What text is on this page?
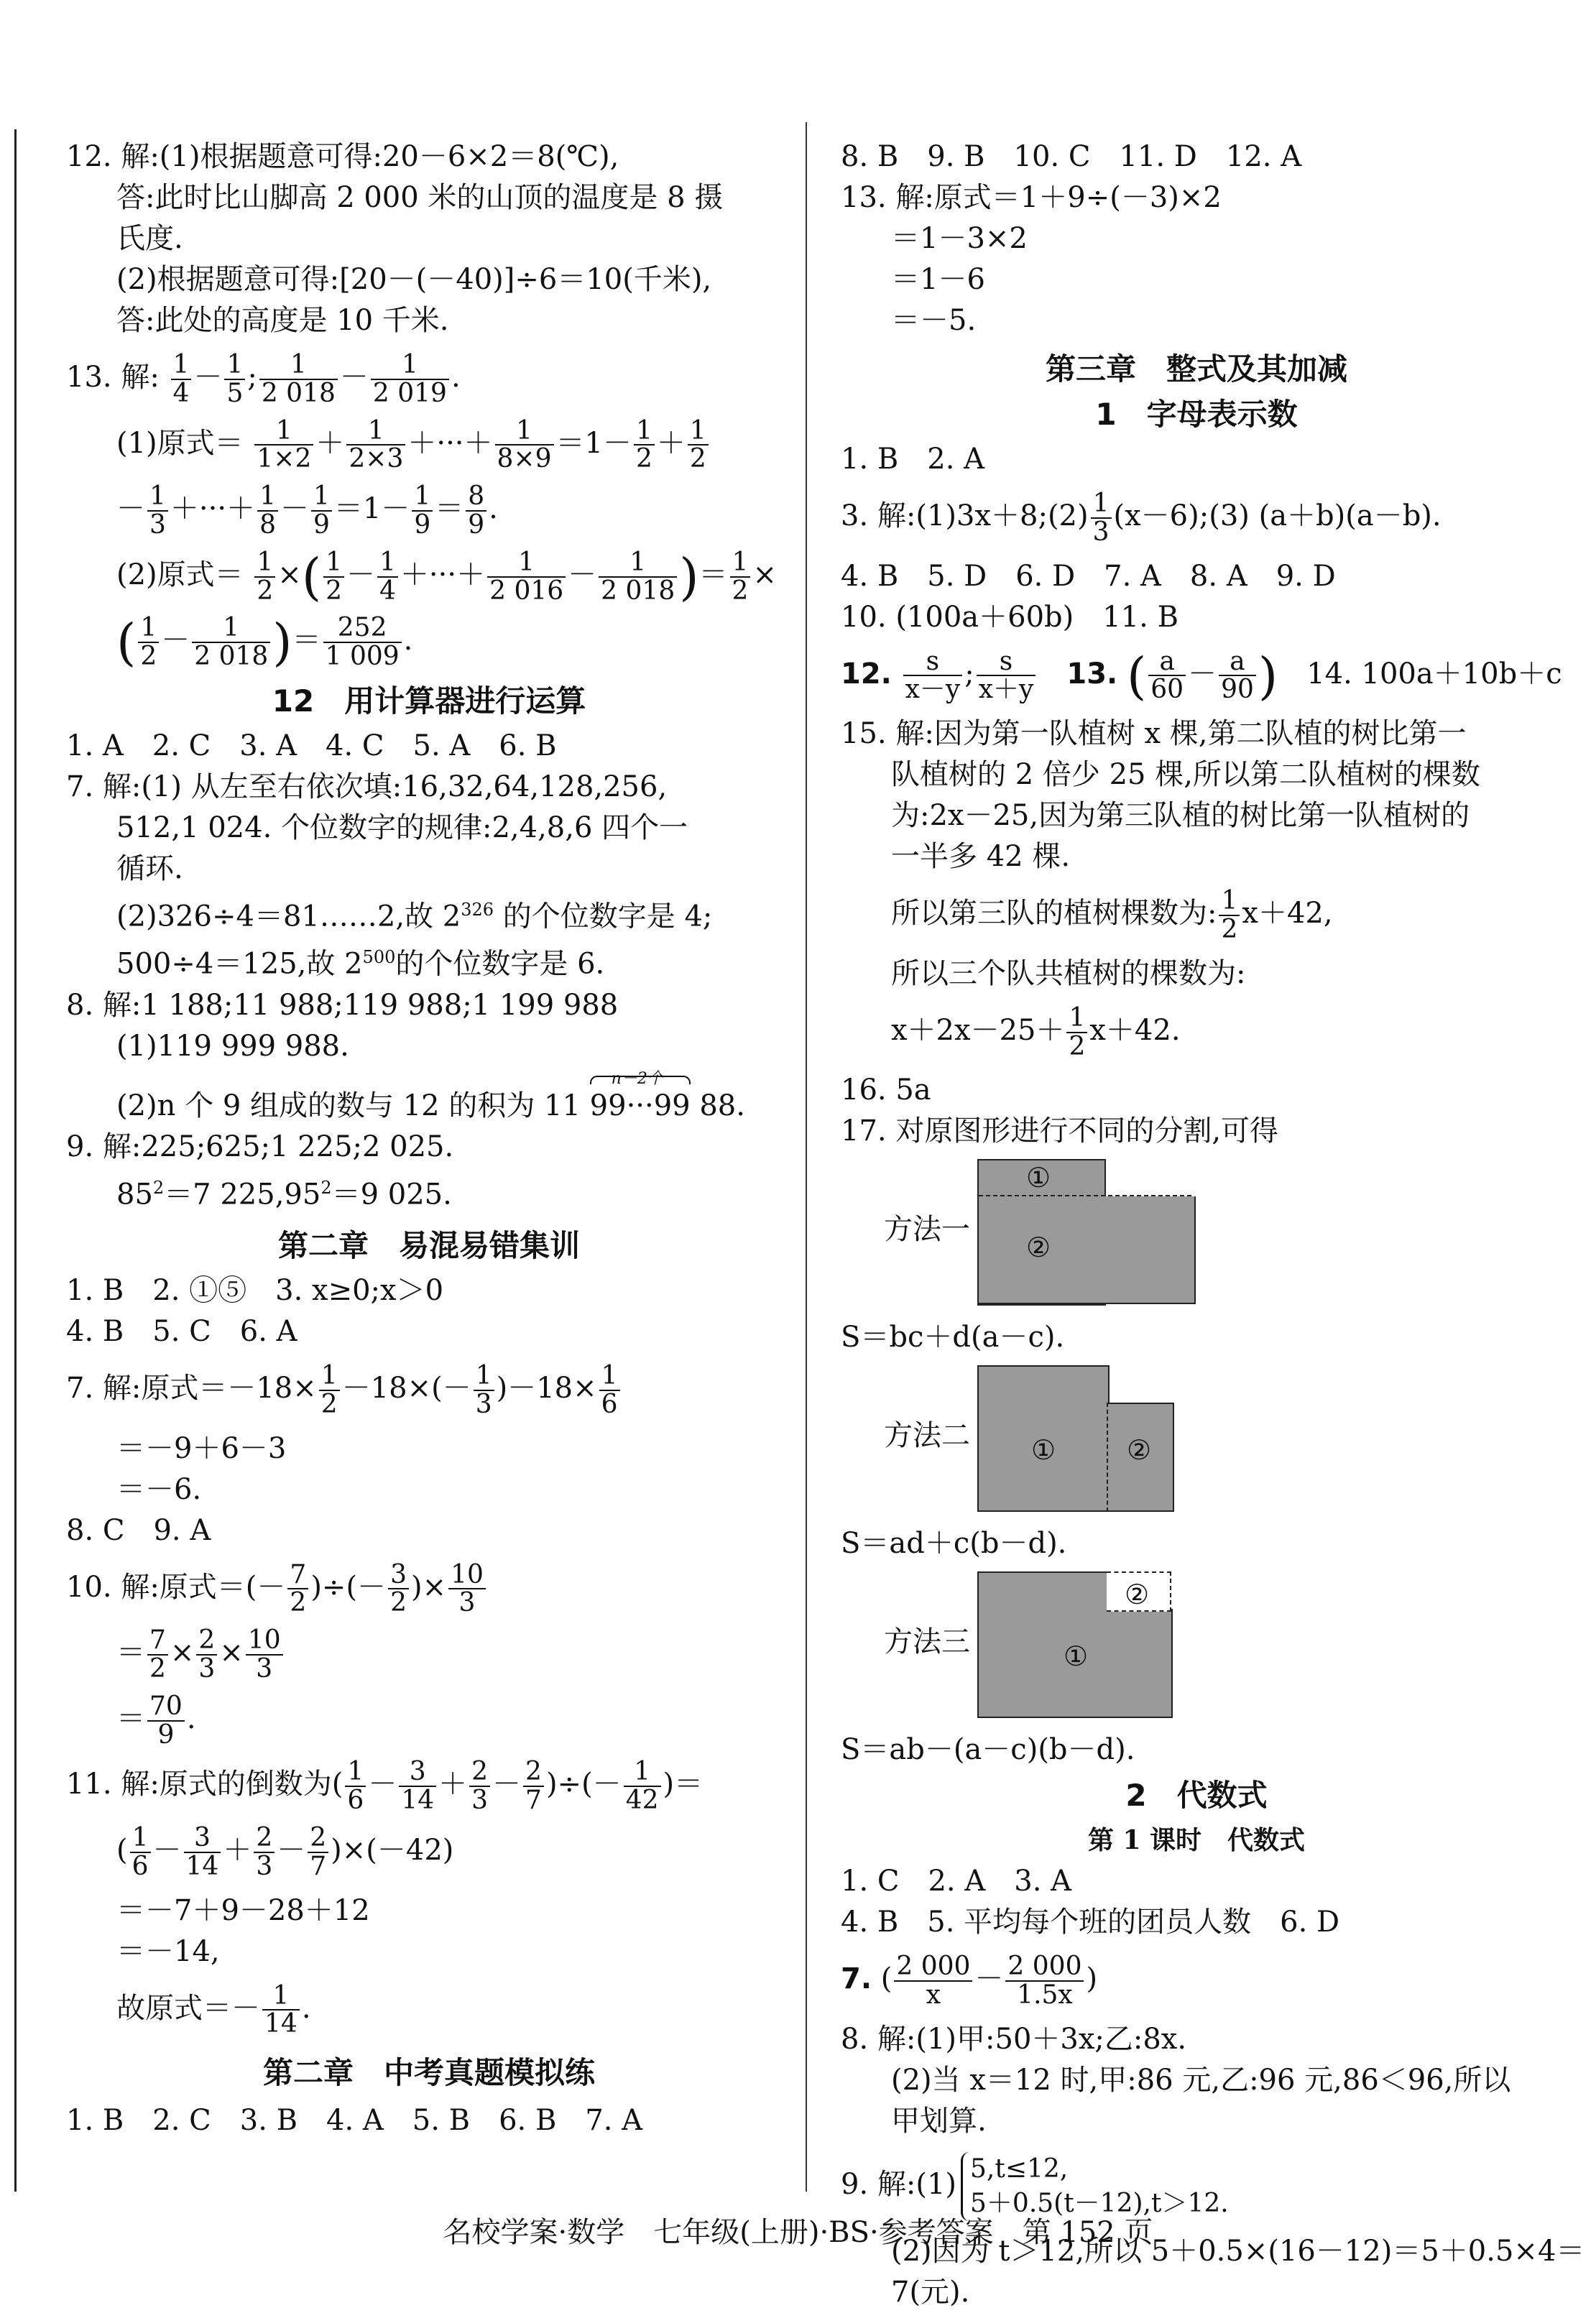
12. 解:(1)根据题意可得:20－6×2＝8(℃),
答:此时比山脚高 2 000 米的山顶的温度是 8 摄
氏度.
(2)根据题意可得:[20－(－40)]÷6＝10(千米),
答:此处的高度是 10 千米.
13. 解: $\frac{1}{4} - \frac{1}{5}$ ; $\frac{1}{2 018} - \frac{1}{2 019}$ .
(1)原式＝ $\frac{1}{1\times 2} + \frac{1}{2\times 3}$ ＋···＋ $\frac{1}{8\times 9} =1- \frac{1}{2} + \frac{1}{2}$
－ $\frac{1}{3}$ ＋···＋ $\frac{1}{8} - \frac{1}{9} =1- \frac{1}{9} = \frac{8}{9}$ .
(2)原式＝ $\frac{1}{2}$ ×( $\frac{1}{2} - \frac{1}{4}$ ＋···＋ $\frac{1}{2 016} - \frac{1}{2 018}$ )＝ $\frac{1}{2}$ ×
( $\frac{1}{2} - \frac{1}{2 018}$ )＝ $\frac{252}{1 009}$ .
12　用计算器进行运算
1. A　2. C　3. A　4. C　5. A　6. B
7. 解:(1) 从左至右依次填:16,32,64,128,256,
512,1 024. 个位数字的规律:2,4,8,6 四个一
循环.
(2)326÷4＝81……2,故 $2^{326}$ 的个位数字是 4;
500÷4＝125,故 $2^{500}$的个位数字是 6.
8. 解:1 188;11 988;119 988;1 199 988
(1)119 999 988.
(2)n 个 9 组成的数与 12 的积为 11
n－2个
99···99 88.
9. 解:225;625;1 225;2 025.
$85^2=7$ $225,95^2=9$ 025.
第二章　易混易错集训
1. B　2. ①⑤　3. x≥0;x＞0
4. B　5. C　6. A
7. 解:原式$=-18\times \frac{1}{2} -18\times(- \frac{1}{3} )-18\times \frac{1}{6}$
＝－9＋6－3
＝－6.
8. C　9. A
10. 解:原式＝(－ $\frac{7}{2}$ )÷(－ $\frac{3}{2}$ )× $\frac{10}{3}$
＝ $\frac{7}{2} \times \frac{2}{3} \times \frac{10}{3}$
＝ $\frac{70}{9}$ .
11. 解:原式的倒数为( $\frac{1}{6} - \frac{3}{14} + \frac{2}{3} - \frac{2}{7}$ )÷(－ $\frac{1}{42}$ )＝
( $\frac{1}{6} - \frac{3}{14} + \frac{2}{3} - \frac{2}{7} )\times(-42)$
＝－7＋9－28＋12
＝－14,
故原式＝－ $\frac{1}{14}$ .
第二章　中考真题模拟练
1. B　2. C　3. B　4. A　5. B　6. B　7. A
8. B　9. B　10. C　11. D　12. A
13. 解:原式＝1＋9÷(－3)×2
＝1－3×2
＝1－6
＝－5.
第三章　整式及其加减
1　字母表示数
1. B　2. A
3. 解:(1)3x＋8;(2) $\frac{1}{3}$ (x－6);(3) (a＋b)(a－b).
4. B　5. D　6. D　7. A　8. A　9. D
10. (100a＋60b)　11. B
12. $\frac{s}{x-y}$ ; $\frac{s}{x+y}$
　 13. ( $\frac{a}{60} - \frac{a}{90}$ )　 14. 100a＋10b＋c
15. 解:因为第一队植树 x 棵,第二队植的树比第一
队植树的 2 倍少 25 棵,所以第二队植树的棵数
为:2x－25,因为第三队植的树比第一队植树的
一半多 42 棵.
所以第三队的植树棵数为: $\frac{1}{2} x+42$,
所以三个队共植树的棵数为:
$x+2x-25+ \frac{1}{2} x+42$.
16. 5a
17. 对原图形进行不同的分割,可得
方法一
①
②
S＝bc＋d(a－c).
方法二 ①	②
S＝ad＋c(b－d).
方法三
②
①
S＝ab－(a－c)(b－d).
2　代数式
第 1 课时　代数式
1. C　2. A　3. A
4. B　5. 平均每个班的团员人数　6. D
7. ( $\frac{2 000}{x} - \frac{2 000}{1.5x}$ )
8. 解:(1)甲:50＋3x;乙:8x.
(2)当 x＝12 时,甲:86 元,乙:96 元,86＜96,所以
甲划算.
9. 解:(1) 5,t≤12,
5＋0.5(t－12),t＞12.
(2)因为 t＞12,所以 5＋0.5×(16－12)＝5＋0.5×4＝
7(元).
名校学案·数学　七年级(上册)·BS·参考答案　第 152 页
